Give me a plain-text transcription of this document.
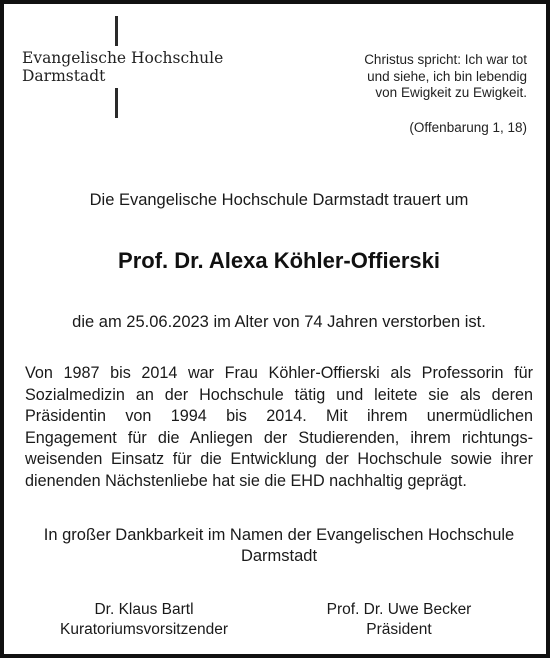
Evangelische Hochschule
Darmstadt
Christus spricht: Ich war tot
und siehe, ich bin lebendig
von Ewigkeit zu Ewigkeit.
(Offenbarung 1, 18)
Die Evangelische Hochschule Darmstadt trauert um
Prof. Dr. Alexa Köhler-Offierski
die am 25.06.2023 im Alter von 74 Jahren verstorben ist.
Von 1987 bis 2014 war Frau Köhler-Offierski als Professorin für
Sozialmedizin an der Hochschule tätig und leitete sie als deren
Präsidentin von 1994 bis 2014. Mit ihrem unermüdlichen
Engagement für die Anliegen der Studierenden, ihrem richtungs-
weisenden Einsatz für die Entwicklung der Hochschule sowie ihrer
dienenden Nächstenliebe hat sie die EHD nachhaltig geprägt.
In großer Dankbarkeit im Namen der Evangelischen Hochschule
Darmstadt
Dr. Klaus Bartl
Kuratoriumsvorsitzender
Prof. Dr. Uwe Becker
Präsident
